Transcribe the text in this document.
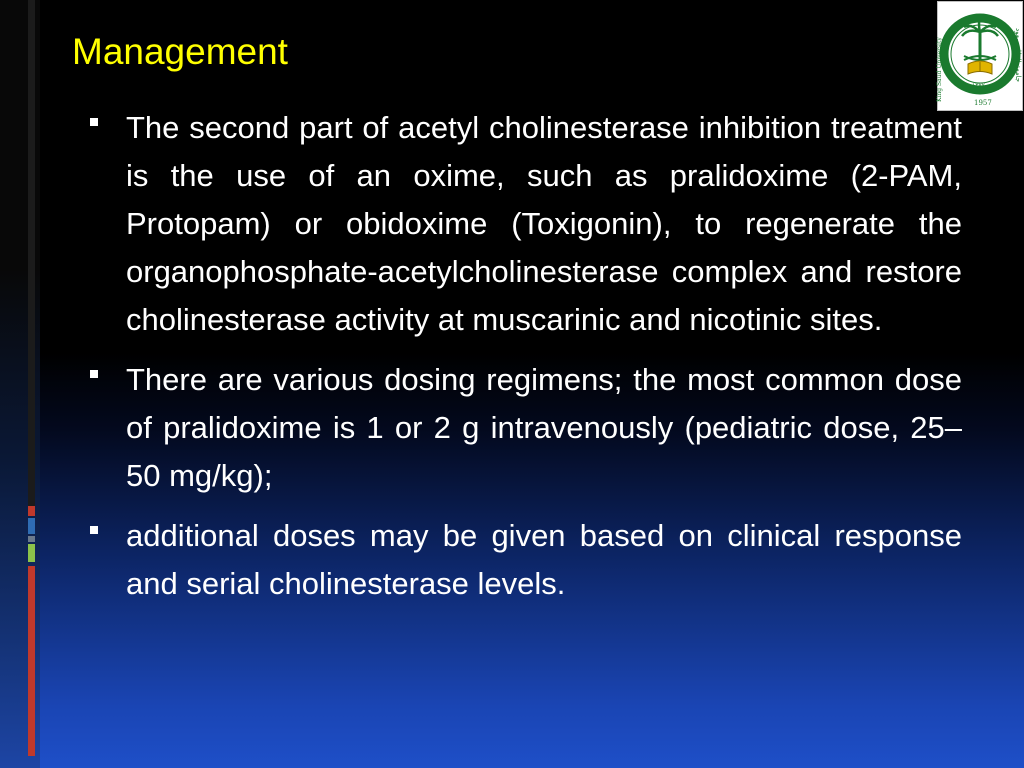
Management	King Saud University	جامعة الملك سعود
١٣٧٧
1957
The second part of acetyl cholinesterase inhibition treatment is the use of an oxime, such as pralidoxime (2-PAM, Protopam) or obidoxime (Toxigonin), to regenerate the organophosphate-acetylcholinesterase complex and restore cholinesterase activity at muscarinic and nicotinic sites.
There are various dosing regimens; the most common dose of pralidoxime is 1 or 2 g intravenously (pediatric dose, 25–50 mg/kg);
additional doses may be given based on clinical response and serial cholinesterase levels.
